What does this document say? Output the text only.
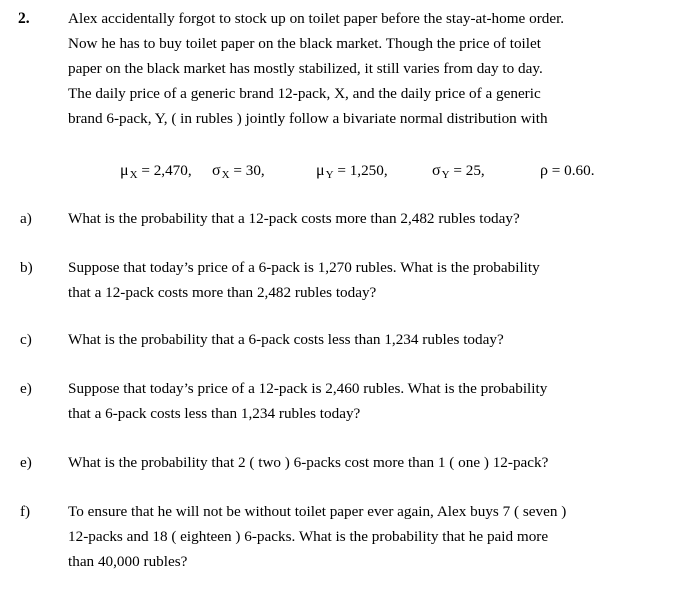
2.	Alex accidentally forgot to stock up on toilet paper before the stay-at-home order.
Now he has to buy toilet paper on the black market. Though the price of toilet
paper on the black market has mostly stabilized, it still varies from day to day.
The daily price of a generic brand 12-pack, X, and the daily price of a generic
brand 6-pack, Y, ( in rubles ) jointly follow a bivariate normal distribution with
μX = 2,470, σX = 30,	μY = 1,250,	σY = 25,	ρ = 0.60.
a) What is the probability that a 12-pack costs more than 2,482 rubles today?
b) Suppose that today’s price of a 6-pack is 1,270 rubles. What is the probability
that a 12-pack costs more than 2,482 rubles today?
c) What is the probability that a 6-pack costs less than 1,234 rubles today?
e) Suppose that today’s price of a 12-pack is 2,460 rubles. What is the probability
that a 6-pack costs less than 1,234 rubles today?
e) What is the probability that 2 ( two ) 6-packs cost more than 1 ( one ) 12-pack?
f) To ensure that he will not be without toilet paper ever again, Alex buys 7 ( seven )
12-packs and 18 ( eighteen ) 6-packs. What is the probability that he paid more
than 40,000 rubles?
